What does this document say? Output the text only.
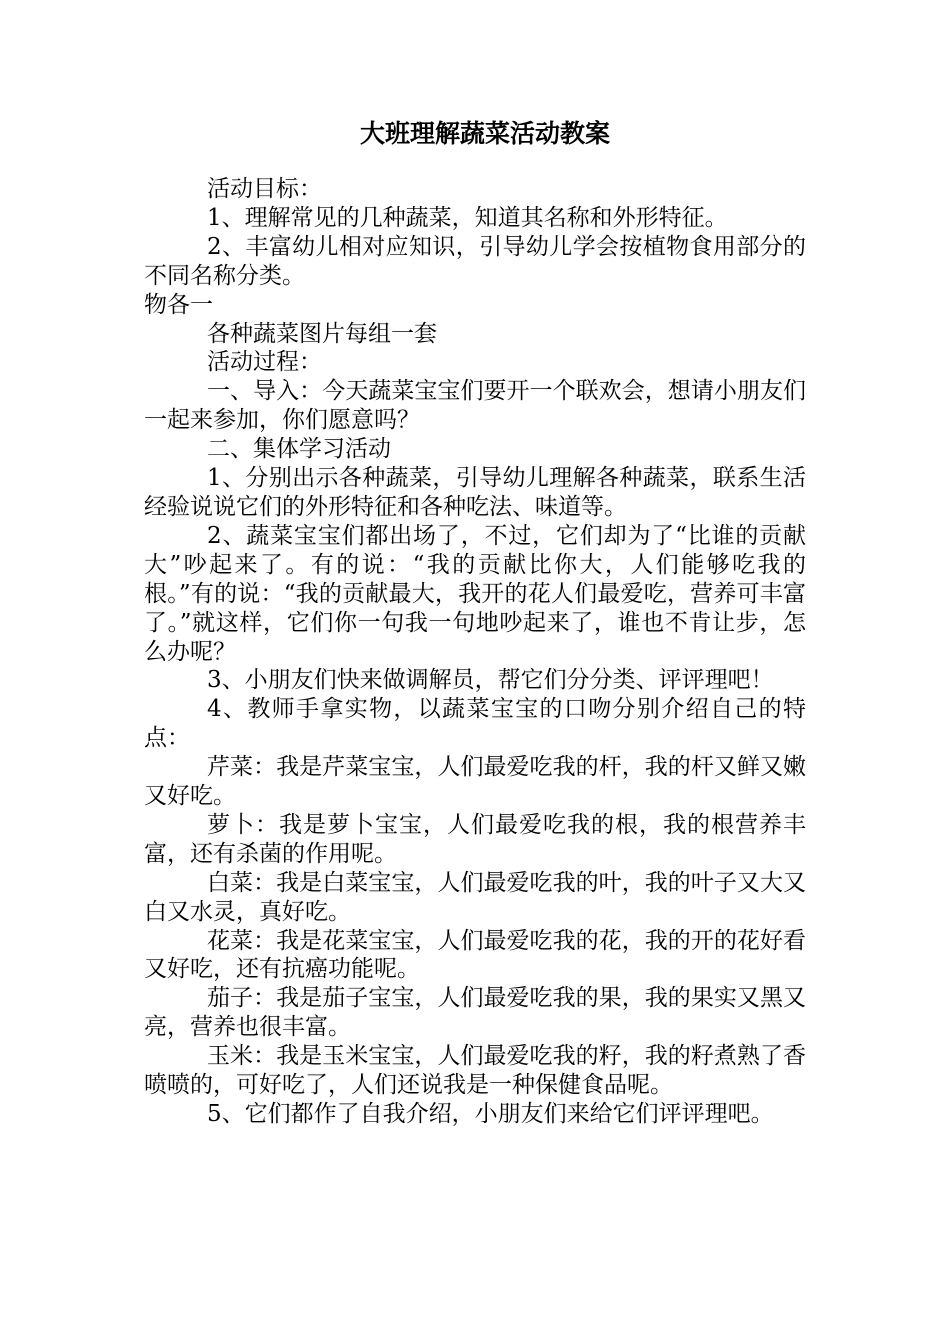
大班理解蔬菜活动教案

活动目标：

1、理解常见的几种蔬菜，知道其名称和外形特征。

2、丰富幼儿相对应知识，引导幼儿学会按植物食用部分的不同名称分类。

物各一

各种蔬菜图片每组一套

活动过程：

一、导入：今天蔬菜宝宝们要开一个联欢会，想请小朋友们一起来参加，你们愿意吗？

二、集体学习活动

1、分别出示各种蔬菜，引导幼儿理解各种蔬菜，联系生活经验说说它们的外形特征和各种吃法、味道等。

2、蔬菜宝宝们都出场了，不过，它们却为了“比谁的贡献大”吵起来了。有的说：“我的贡献比你大，人们能够吃我的根。”有的说：“我的贡献最大，我开的花人们最爱吃，营养可丰富了。”就这样，它们你一句我一句地吵起来了，谁也不肯让步，怎么办呢？

3、小朋友们快来做调解员，帮它们分分类、评评理吧！

4、教师手拿实物，以蔬菜宝宝的口吻分别介绍自己的特点：

芹菜：我是芹菜宝宝，人们最爱吃我的杆，我的杆又鲜又嫩又好吃。

萝卜：我是萝卜宝宝，人们最爱吃我的根，我的根营养丰富，还有杀菌的作用呢。

白菜：我是白菜宝宝，人们最爱吃我的叶，我的叶子又大又白又水灵，真好吃。

花菜：我是花菜宝宝，人们最爱吃我的花，我的开的花好看又好吃，还有抗癌功能呢。

茄子：我是茄子宝宝，人们最爱吃我的果，我的果实又黑又亮，营养也很丰富。

玉米：我是玉米宝宝，人们最爱吃我的籽，我的籽煮熟了香喷喷的，可好吃了，人们还说我是一种保健食品呢。

5、它们都作了自我介绍，小朋友们来给它们评评理吧。
